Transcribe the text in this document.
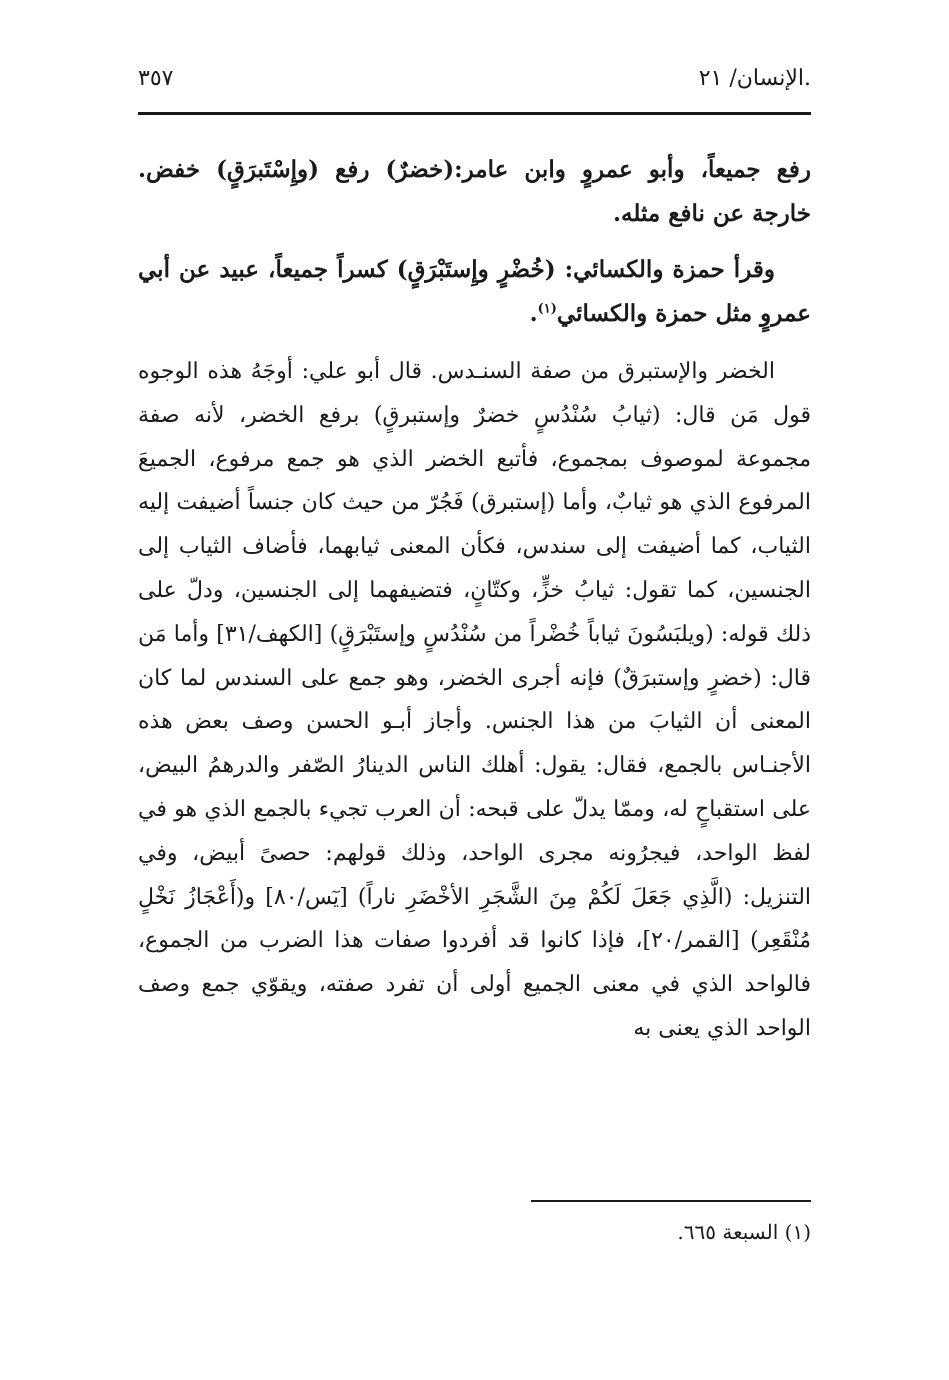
٣٥٧	.الإنسان/ ٢١

رفع جميعاً، وأبو عمروٍ وابن عامر:(خضرٌ) رفع (وإِسْتَبرَقٍ) خفض. خارجة عن نافع مثله.

وقرأ حمزة والكسائي: (خُضْرٍ وإِستَبْرَقٍ) كسراً جميعاً، عبيد عن أبي عمروٍ مثل حمزة والكسائي$^{(١)}$.

الخضر والإستبرق من صفة السنـدس. قال أبو علي: أوجَهُ هذه الوجوه قول مَن قال: (ثيابُ سُنْدُسٍ خضرٌ وإستبرقٍ) برفع الخضر، لأنه صفة مجموعة لموصوف بمجموع، فأتبع الخضر الذي هو جمع مرفوع، الجميعَ المرفوع الذي هو ثيابٌ، وأما (إستبرق) فَجُرّ من حيث كان جنساً أضيفت إليه الثياب، كما أضيفت إلى سندس، فكأن المعنى ثيابهما، فأضاف الثياب إلى الجنسين، كما تقول: ثيابُ خزٍّ، وكتّانٍ، فتضيفهما إلى الجنسين، ودلّ على ذلك قوله: (ويلبَسُونَ ثياباً خُضْراً من سُنْدُسٍ وإستَبْرَقٍ) [الكهف/٣١] وأما مَن قال: (خضرٍ وإستبرَقٌ) فإنه أجرى الخضر، وهو جمع على السندس لما كان المعنى أن الثيابَ من هذا الجنس. وأجاز أبـو الحسن وصف بعض هذه الأجنـاس بالجمع، فقال: يقول: أهلك الناس الدينارُ الصّفر والدرهمُ البيض، على استقباحٍ له، وممّا يدلّ على قبحه: أن العرب تجيء بالجمع الذي هو في لفظ الواحد، فيجرُونه مجرى الواحد، وذلك قولهم: حصىً أبيض، وفي التنزيل: (الَّذِي جَعَلَ لَكُمْ مِنَ الشَّجَرِ الأخْضَرِ ناراً) [يٓس/٨٠] و(أَعْجَازُ نَخْلٍ مُنْقَعِر) [القمر/٢٠]، فإذا كانوا قد أفردوا صفات هذا الضرب من الجموع، فالواحد الذي في معنى الجميع أولى أن تفرد صفته، ويقوّي جمع وصف الواحد الذي يعنى به

(١) السبعة ٦٦٥.
